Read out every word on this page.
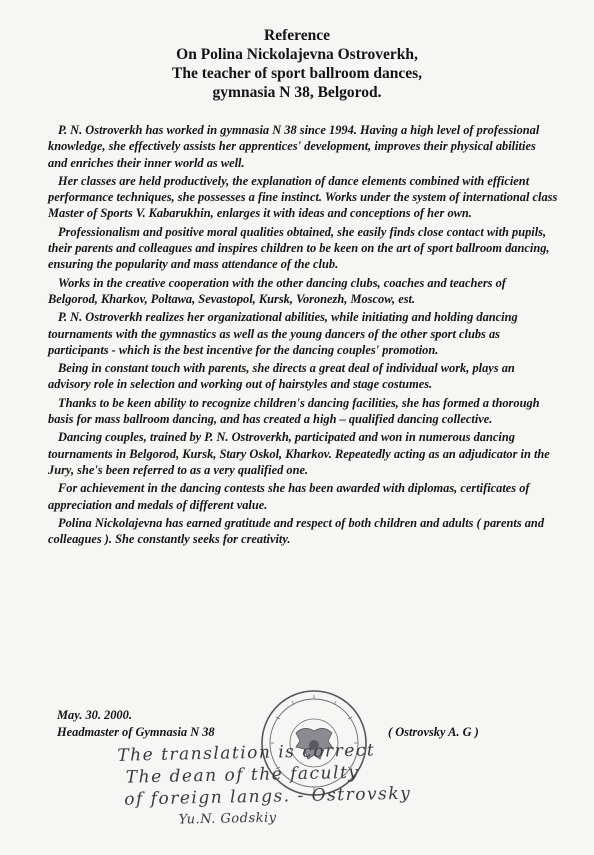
Reference
On Polina Nickolajevna Ostroverkh,
The teacher of sport ballroom dances,
gymnasia N 38, Belgorod.

P. N. Ostroverkh has worked in gymnasia N 38 since 1994. Having a high level of professional knowledge, she effectively assists her apprentices' development, improves their physical abilities and enriches their inner world as well.

Her classes are held productively, the explanation of dance elements combined with efficient performance techniques, she possesses a fine instinct. Works under the system of international class Master of Sports V. Kabarukhin, enlarges it with ideas and conceptions of her own.

Professionalism and positive moral qualities obtained, she easily finds close contact with pupils, their parents and colleagues and inspires children to be keen on the art of sport ballroom dancing, ensuring the popularity and mass attendance of the club.

Works in the creative cooperation with the other dancing clubs, coaches and teachers of Belgorod, Kharkov, Poltawa, Sevastopol, Kursk, Voronezh, Moscow, est.

P. N. Ostroverkh realizes her organizational abilities, while initiating and holding dancing tournaments with the gymnastics as well as the young dancers of the other sport clubs as participants - which is the best incentive for the dancing couples' promotion.

Being in constant touch with parents, she directs a great deal of individual work, plays an advisory role in selection and working out of hairstyles and stage costumes.

Thanks to be keen ability to recognize children's dancing facilities, she has formed a thorough basis for mass ballroom dancing, and has created a high – qualified dancing collective.

Dancing couples, trained by P. N. Ostroverkh, participated and won in numerous dancing tournaments in Belgorod, Kursk, Stary Oskol, Kharkov. Repeatedly acting as an adjudicator in the Jury, she's been referred to as a very qualified one.

For achievement in the dancing contests she has been awarded with diplomas, certificates of appreciation and medals of different value.

Polina Nickolajevna has earned gratitude and respect of both children and adults ( parents and colleagues ). She constantly seeks for creativity.

May. 30. 2000.
Headmaster of Gymnasia N 38	( Ostrovsky A. G )
The translation is correct
The dean of the faculty
of foreign langs. - Ostrovsky
Yu.N. Godskiy
